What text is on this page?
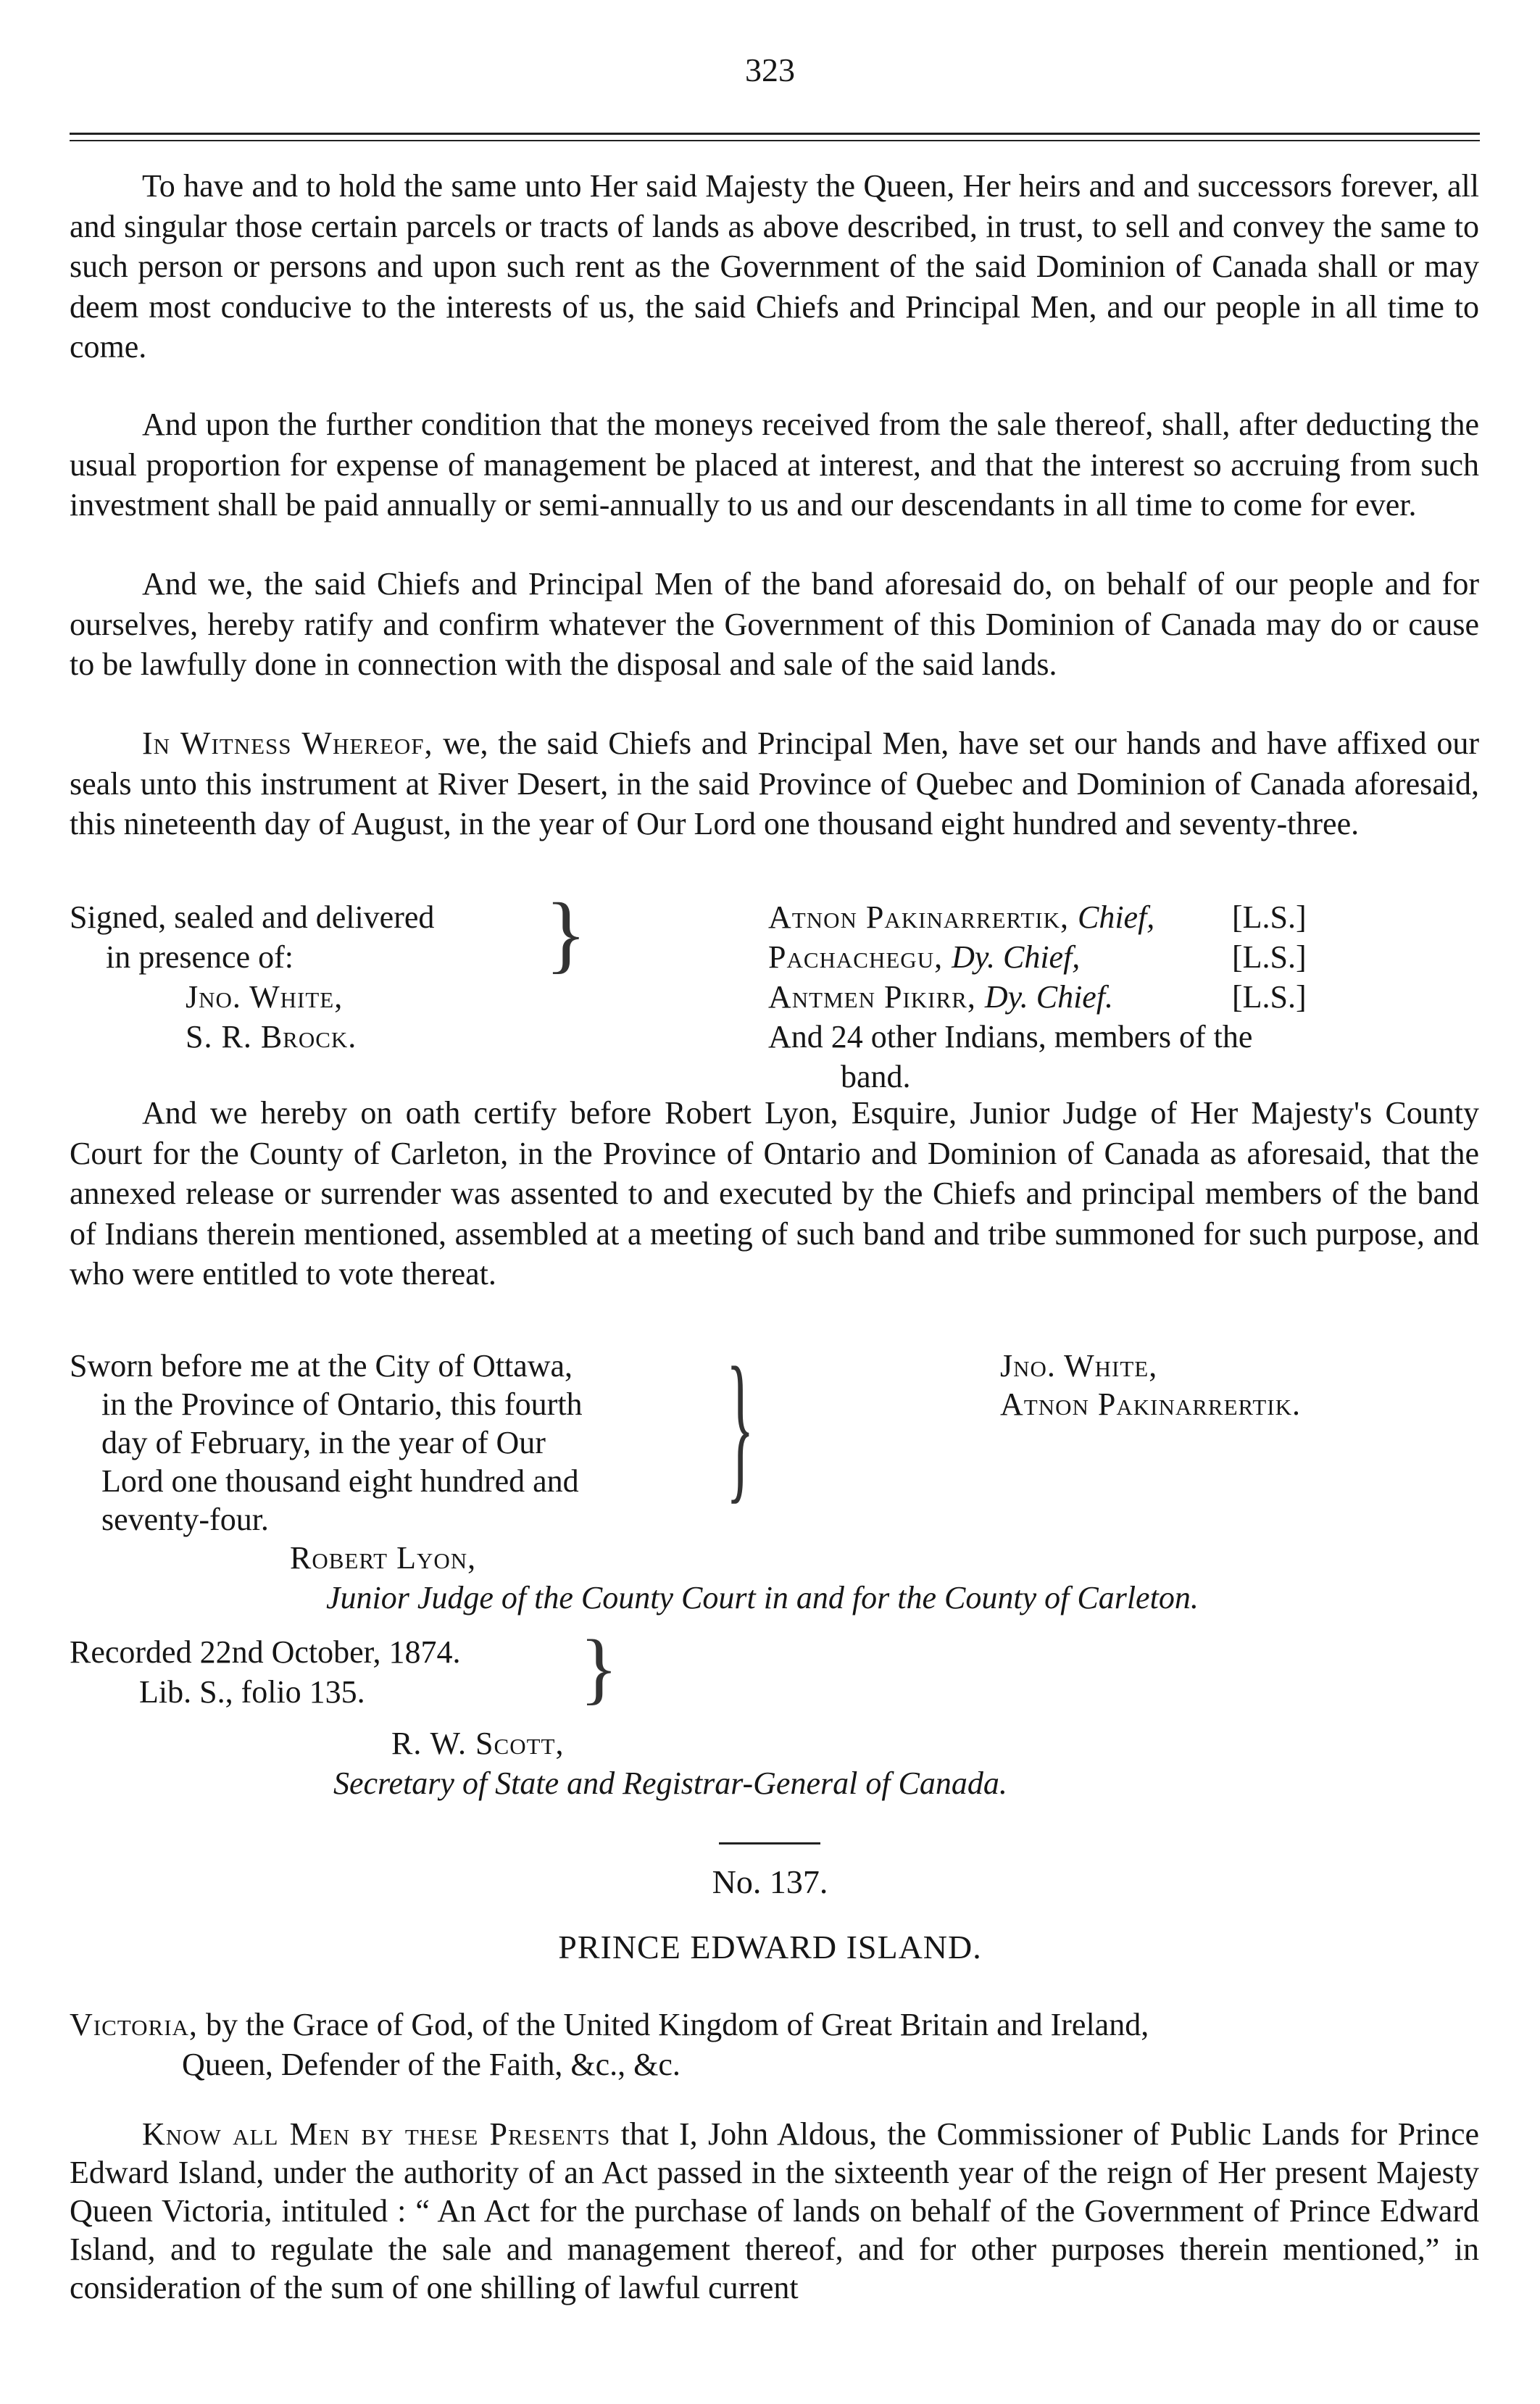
323

To have and to hold the same unto Her said Majesty the Queen, Her heirs and and successors forever, all and singular those certain parcels or tracts of lands as above described, in trust, to sell and convey the same to such person or persons and upon such rent as the Government of the said Dominion of Canada shall or may deem most conducive to the interests of us, the said Chiefs and Principal Men, and our people in all time to come.

And upon the further condition that the moneys received from the sale thereof, shall, after deducting the usual proportion for expense of management be placed at interest, and that the interest so accruing from such investment shall be paid annually or semi-annually to us and our descendants in all time to come for ever.

And we, the said Chiefs and Principal Men of the band aforesaid do, on behalf of our people and for ourselves, hereby ratify and confirm whatever the Government of this Dominion of Canada may do or cause to be lawfully done in connection with the disposal and sale of the said lands.

In Witness Whereof, we, the said Chiefs and Principal Men, have set our hands and have affixed our seals unto this instrument at River Desert, in the said Province of Quebec and Dominion of Canada aforesaid, this nineteenth day of August, in the year of Our Lord one thousand eight hundred and seventy-three.

Signed, sealed and delivered
in presence of:
Jno. White,
S. R. Brock.
}	Atnon Pakinarrertik, Chief, [L.S.]
Pachachegu, Dy. Chief,	[L.S.]
Antmen Pikirr, Dy. Chief.	[L.S.]
And 24 other Indians, members of the
band.

And we hereby on oath certify before Robert Lyon, Esquire, Junior Judge of Her Majesty's County Court for the County of Carleton, in the Province of Ontario and Dominion of Canada as aforesaid, that the annexed release or surrender was assented to and executed by the Chiefs and principal members of the band of Indians therein mentioned, assembled at a meeting of such band and tribe summoned for such purpose, and who were entitled to vote thereat.

Sworn before me at the City of Ottawa,
in the Province of Ontario, this fourth
day of February, in the year of Our
Lord one thousand eight hundred and
seventy-four.
}	Jno. White,
Atnon Pakinarrertik.
Robert Lyon,
Junior Judge of the County Court in and for the County of Carleton.
Recorded 22nd October, 1874.
Lib. S., folio 135.	}
R. W. Scott,
Secretary of State and Registrar-General of Canada.
No. 137.
PRINCE EDWARD ISLAND.
Victoria, by the Grace of God, of the United Kingdom of Great Britain and Ireland,
Queen, Defender of the Faith, &c., &c.

Know all Men by these Presents that I, John Aldous, the Commissioner of Public Lands for Prince Edward Island, under the authority of an Act passed in the sixteenth year of the reign of Her present Majesty Queen Victoria, intituled : “ An Act for the purchase of lands on behalf of the Government of Prince Edward Island, and to regulate the sale and management thereof, and for other purposes therein mentioned,” in consideration of the sum of one shilling of lawful current
